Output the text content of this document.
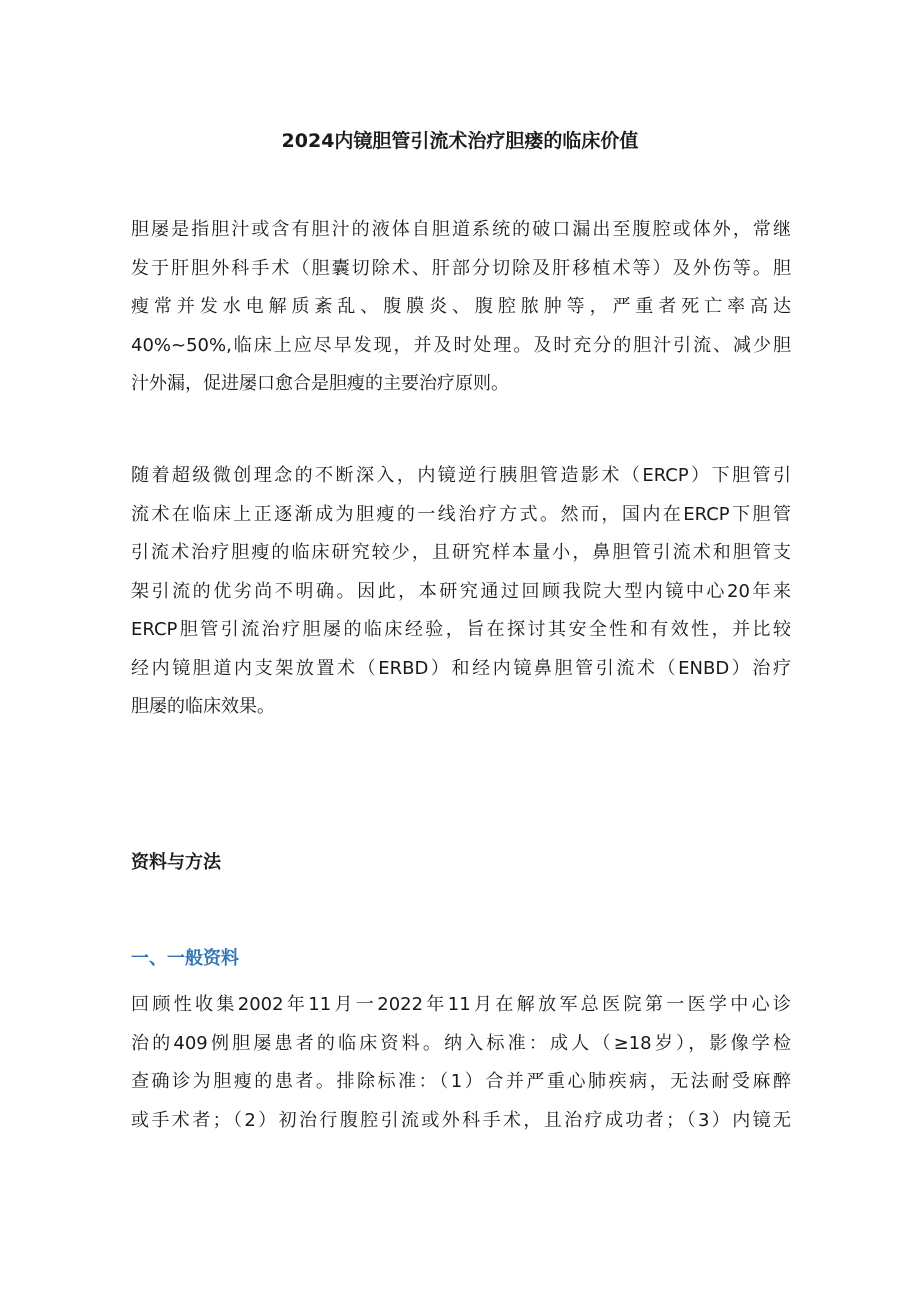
2024内镜胆管引流术治疗胆瘘的临床价值

胆屡是指胆汁或含有胆汁的液体自胆道系统的破口漏出至腹腔或体外，常继
发于肝胆外科手术（胆囊切除术、肝部分切除及肝移植术等）及外伤等。胆
瘦常并发水电解质紊乱、腹膜炎、腹腔脓肿等，严重者死亡率高达
40%~50%,临床上应尽早发现，并及时处理。及时充分的胆汁引流、减少胆
汁外漏，促进屡口愈合是胆瘦的主要治疗原则。

随着超级微创理念的不断深入，内镜逆行胰胆管造影术（ERCP）下胆管引
流术在临床上正逐渐成为胆瘦的一线治疗方式。然而，国内在ERCP下胆管
引流术治疗胆瘦的临床研究较少，且研究样本量小，鼻胆管引流术和胆管支
架引流的优劣尚不明确。因此，本研究通过回顾我院大型内镜中心20年来
ERCP胆管引流治疗胆屡的临床经验，旨在探讨其安全性和有效性，并比较
经内镜胆道内支架放置术（ERBD）和经内镜鼻胆管引流术（ENBD）治疗
胆屡的临床效果。

资料与方法
一、一般资料

回顾性收集2002年11月一2022年11月在解放军总医院第一医学中心诊
治的409例胆屡患者的临床资料。纳入标准：成人（≥18岁），影像学检
查确诊为胆瘦的患者。排除标准：（1）合并严重心肺疾病，无法耐受麻醉
或手术者；（2）初治行腹腔引流或外科手术，且治疗成功者；（3）内镜无
